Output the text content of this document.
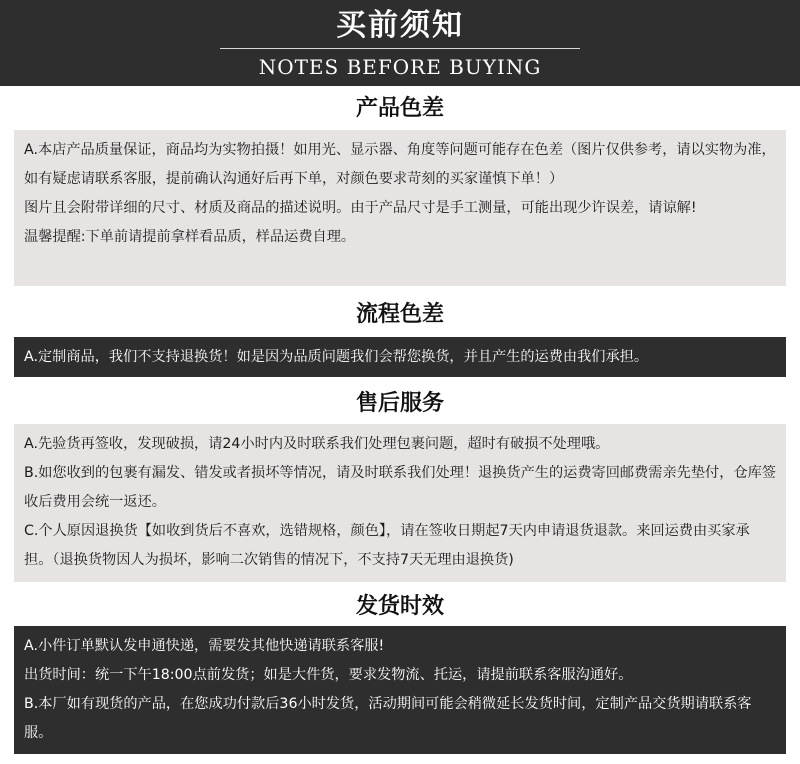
买前须知
NOTES BEFORE BUYING
产品色差

A.本店产品质量保证，商品均为实物拍摄！如用光、显示器、角度等问题可能存在色差（图片仅供参考，请以实物为准，如有疑虑请联系客服，提前确认沟通好后再下单，对颜色要求苛刻的买家谨慎下单！）

图片且会附带详细的尺寸、材质及商品的描述说明。由于产品尺寸是手工测量，可能出现少许误差，请谅解!

温馨提醒:下单前请提前拿样看品质，样品运费自理。

流程色差

A.定制商品，我们不支持退换货！如是因为品质问题我们会帮您换货，并且产生的运费由我们承担。

售后服务

A.先验货再签收，发现破损，请24小时内及时联系我们处理包裹问题，超时有破损不处理哦。

B.如您收到的包裹有漏发、错发或者损坏等情况，请及时联系我们处理！退换货产生的运费寄回邮费需亲先垫付，仓库签收后费用会统一返还。

C.个人原因退换货【如收到货后不喜欢，选错规格，颜色】，请在签收日期起7天内申请退货退款。来回运费由买家承担。（退换货物因人为损坏，影响二次销售的情况下，不支持7天无理由退换货)

发货时效

A.小件订单默认发申通快递，需要发其他快递请联系客服!

出货时间：统一下午18:00点前发货；如是大件货，要求发物流、托运，请提前联系客服沟通好。

B.本厂如有现货的产品，在您成功付款后36小时发货，活动期间可能会稍微延长发货时间，定制产品交货期请联系客服。
